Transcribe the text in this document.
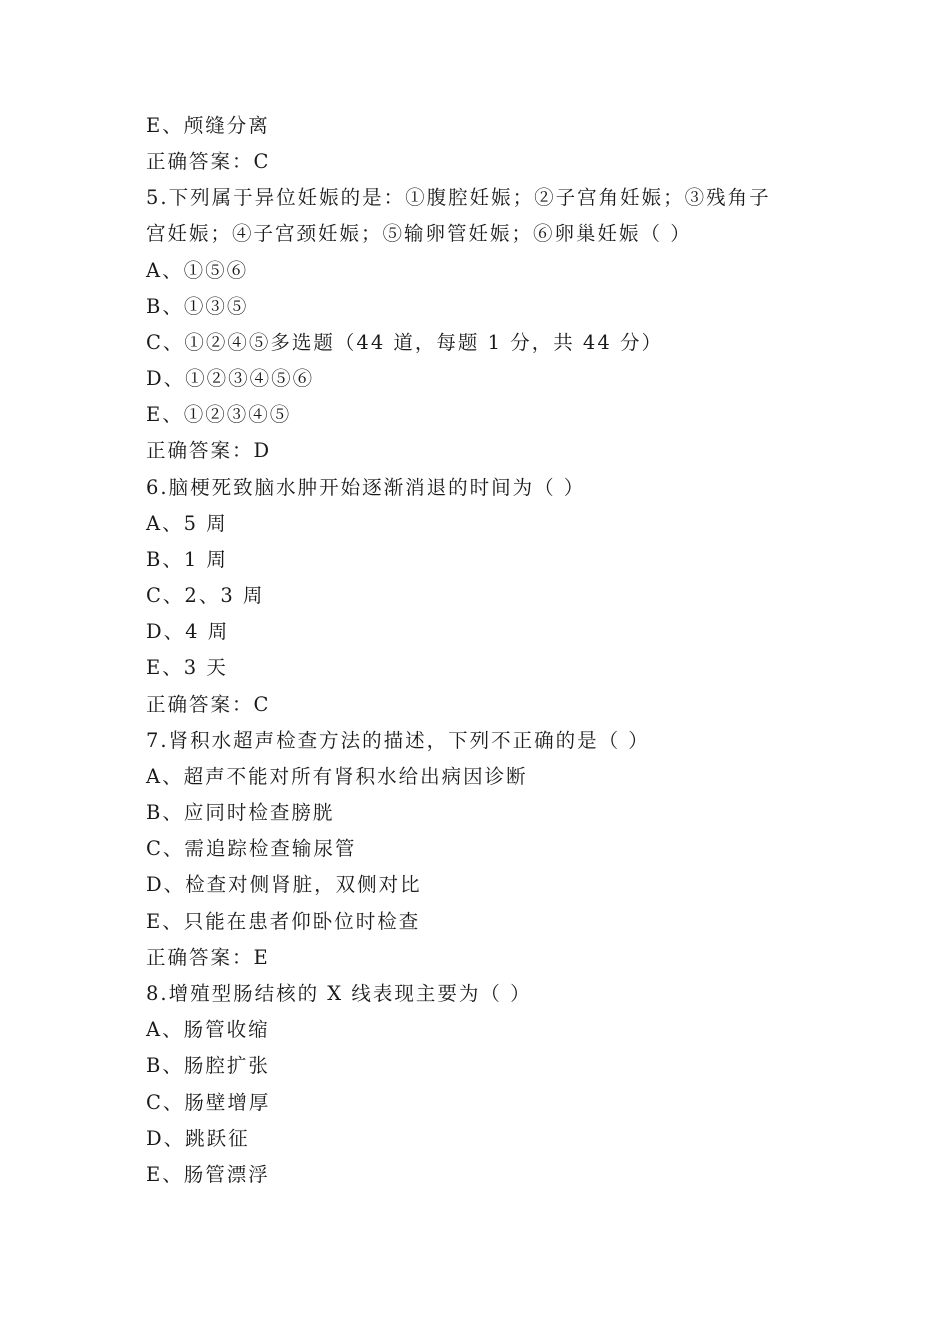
E、颅缝分离
正确答案：C
5.下列属于异位妊娠的是：①腹腔妊娠；②子宫角妊娠；③残角子
宫妊娠；④子宫颈妊娠；⑤输卵管妊娠；⑥卵巢妊娠（ ）
A、①⑤⑥
B、①③⑤
C、①②④⑤多选题（44 道，每题 1 分，共 44 分）
D、①②③④⑤⑥
E、①②③④⑤
正确答案：D
6.脑梗死致脑水肿开始逐渐消退的时间为（ ）
A、5 周
B、1 周
C、2、3 周
D、4 周
E、3 天
正确答案：C
7.肾积水超声检查方法的描述，下列不正确的是（ ）
A、超声不能对所有肾积水给出病因诊断
B、应同时检查膀胱
C、需追踪检查输尿管
D、检查对侧肾脏，双侧对比
E、只能在患者仰卧位时检查
正确答案：E
8.增殖型肠结核的 X 线表现主要为（ ）
A、肠管收缩
B、肠腔扩张
C、肠壁增厚
D、跳跃征
E、肠管漂浮
